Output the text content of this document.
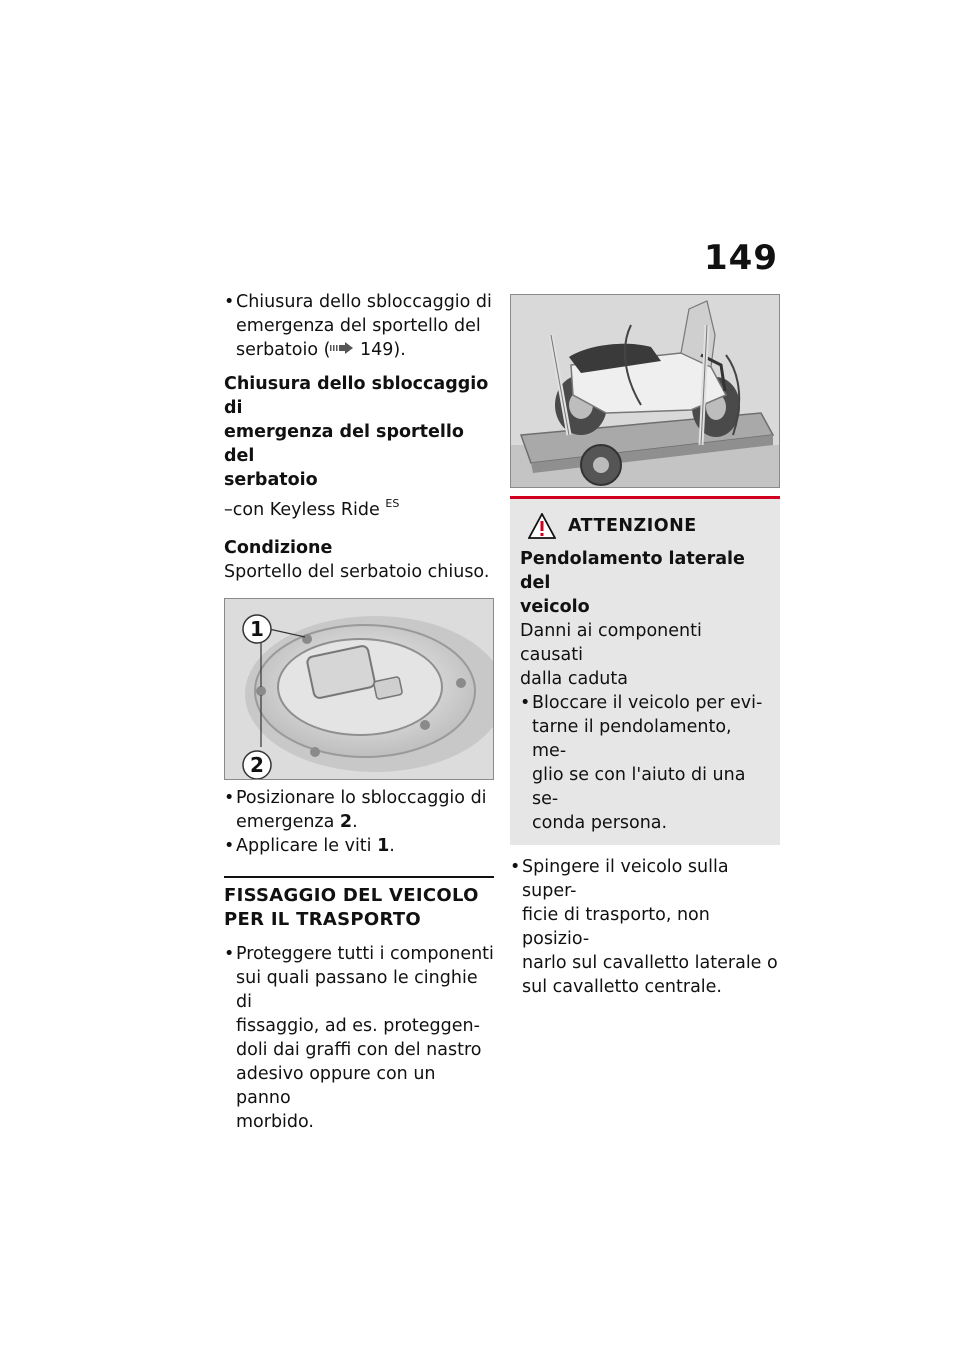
149
• Chiusura dello sbloccaggio di
emergenza del sportello del
serbatoio ( 149).
Chiusura dello sbloccaggio di
emergenza del sportello del
serbatoio
–con Keyless Ride $^{ES}$
Condizione
Sportello del serbatoio chiuso.
1
2
• Posizionare lo sbloccaggio di
emergenza 2.
• Applicare le viti 1.
FISSAGGIO DEL VEICOLO
PER IL TRASPORTO
• Proteggere tutti i componenti
sui quali passano le cinghie di
fissaggio, ad es. proteggen-
doli dai graffi con del nastro
adesivo oppure con un panno
morbido.
ATTENZIONE
Pendolamento laterale del
veicolo
Danni ai componenti causati
dalla caduta
• Bloccare il veicolo per evi-
tarne il pendolamento, me-
glio se con l'aiuto di una se-
conda persona.
• Spingere il veicolo sulla super-
ficie di trasporto, non posizio-
narlo sul cavalletto laterale o
sul cavalletto centrale.
